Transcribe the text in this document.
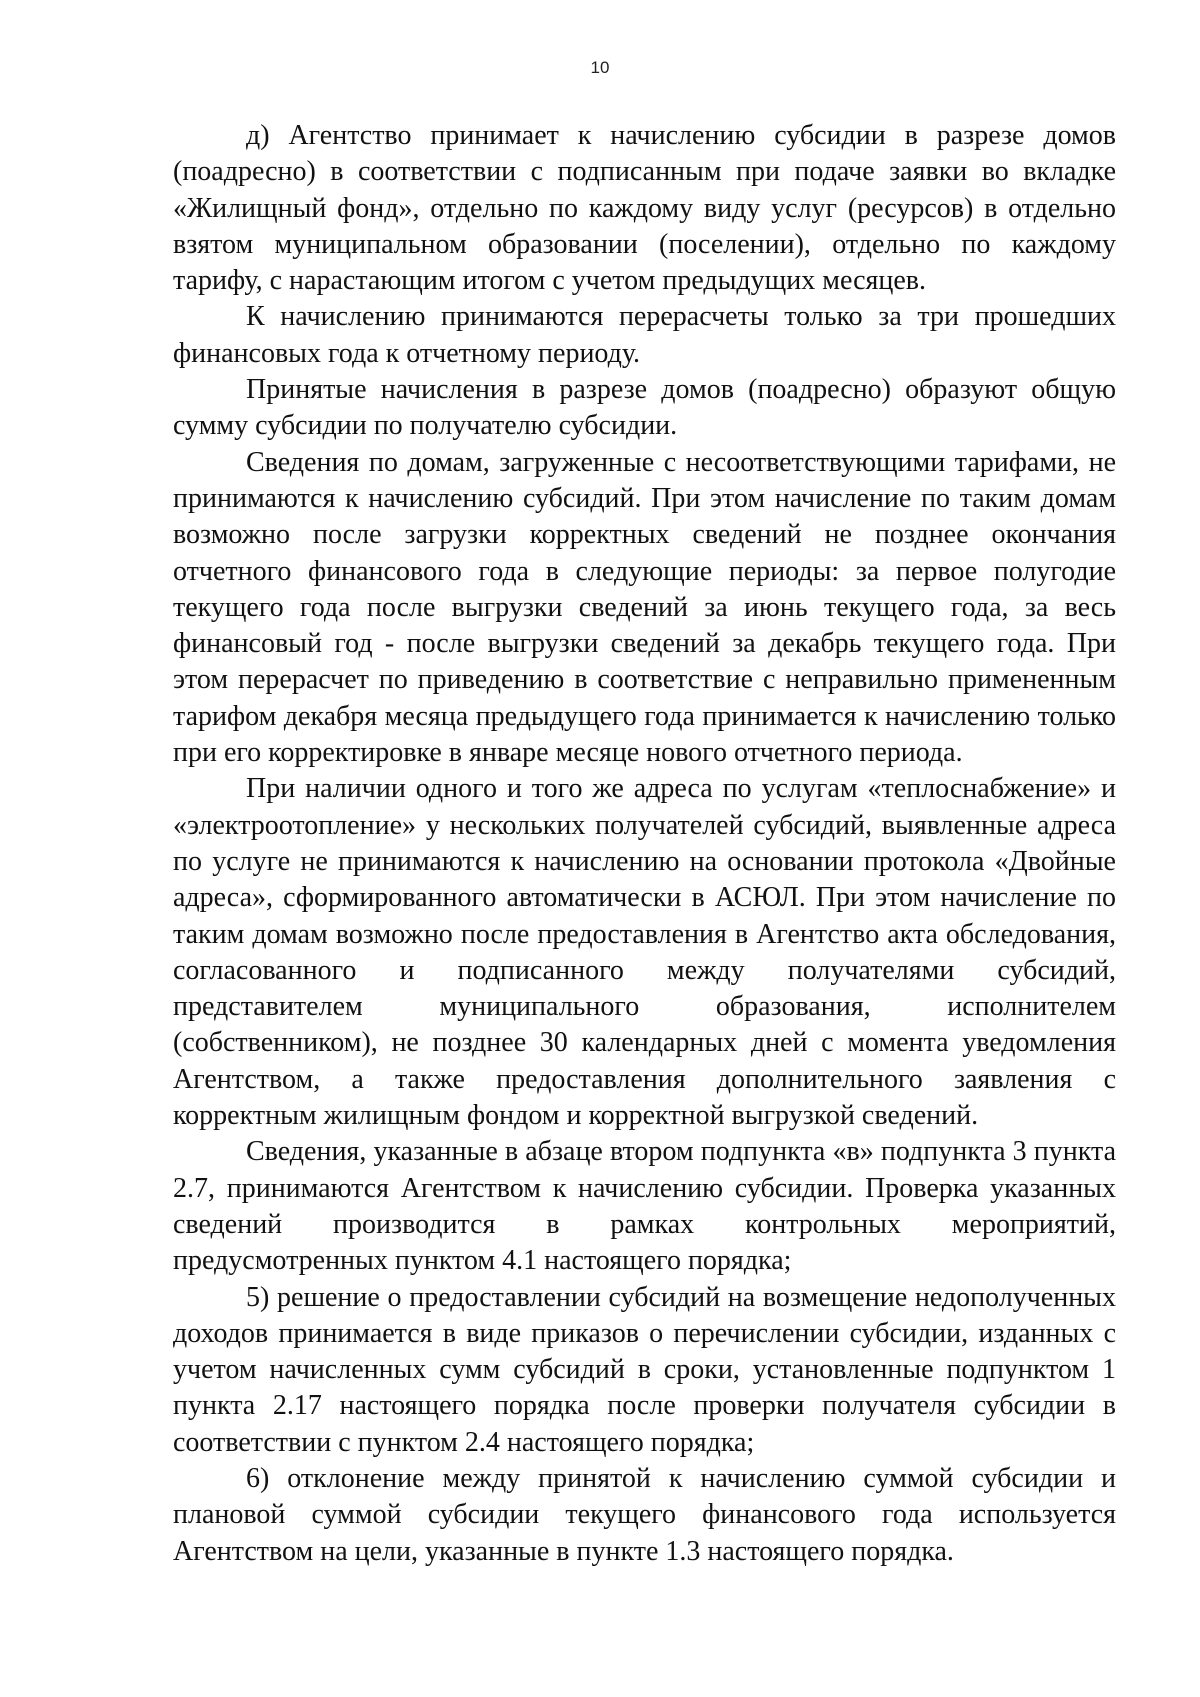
10

д) Агентство принимает к начислению субсидии в разрезе домов (поадресно) в соответствии с подписанным при подаче заявки во вкладке «Жилищный фонд», отдельно по каждому виду услуг (ресурсов) в отдельно взятом муниципальном образовании (поселении), отдельно по каждому тарифу, с нарастающим итогом с учетом предыдущих месяцев.

К начислению принимаются перерасчеты только за три прошедших финансовых года к отчетному периоду.

Принятые начисления в разрезе домов (поадресно) образуют общую сумму субсидии по получателю субсидии.

Сведения по домам, загруженные с несоответствующими тарифами, не принимаются к начислению субсидий. При этом начисление по таким домам возможно после загрузки корректных сведений не позднее окончания отчетного финансового года в следующие периоды: за первое полугодие текущего года после выгрузки сведений за июнь текущего года, за весь финансовый год - после выгрузки сведений за декабрь текущего года. При этом перерасчет по приведению в соответствие с неправильно примененным тарифом декабря месяца предыдущего года принимается к начислению только при его корректировке в январе месяце нового отчетного периода.

При наличии одного и того же адреса по услугам «теплоснабжение» и «электроотопление» у нескольких получателей субсидий, выявленные адреса по услуге не принимаются к начислению на основании протокола «Двойные адреса», сформированного автоматически в АСЮЛ. При этом начисление по таким домам возможно после предоставления в Агентство акта обследования, согласованного и подписанного между получателями субсидий, представителем муниципального образования, исполнителем (собственником), не позднее 30 календарных дней с момента уведомления Агентством, а также предоставления дополнительного заявления с корректным жилищным фондом и корректной выгрузкой сведений.

Сведения, указанные в абзаце втором подпункта «в» подпункта 3 пункта 2.7, принимаются Агентством к начислению субсидии. Проверка указанных сведений производится в рамках контрольных мероприятий, предусмотренных пунктом 4.1 настоящего порядка;

5) решение о предоставлении субсидий на возмещение недополученных доходов принимается в виде приказов о перечислении субсидии, изданных с учетом начисленных сумм субсидий в сроки, установленные подпунктом 1 пункта 2.17 настоящего порядка после проверки получателя субсидии в соответствии с пунктом 2.4 настоящего порядка;

6) отклонение между принятой к начислению суммой субсидии и плановой суммой субсидии текущего финансового года используется Агентством на цели, указанные в пункте 1.3 настоящего порядка.
